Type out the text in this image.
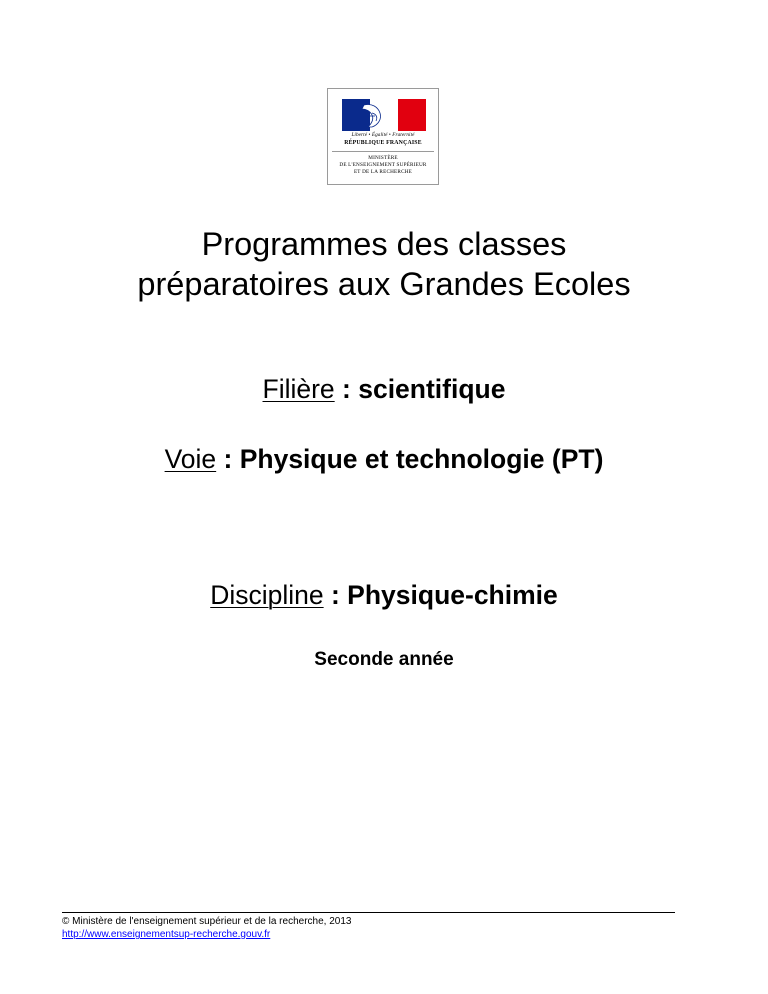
Liberté • Égalité • Fraternité
RÉPUBLIQUE FRANÇAISE
MINISTÈRE
DE L'ENSEIGNEMENT SUPÉRIEUR
ET DE LA RECHERCHE
Programmes des classes
préparatoires aux Grandes Ecoles
Filière : scientifique
Voie : Physique et technologie (PT)
Discipline : Physique-chimie
Seconde année
© Ministère de l'enseignement supérieur et de la recherche, 2013
http://www.enseignementsup-recherche.gouv.fr
